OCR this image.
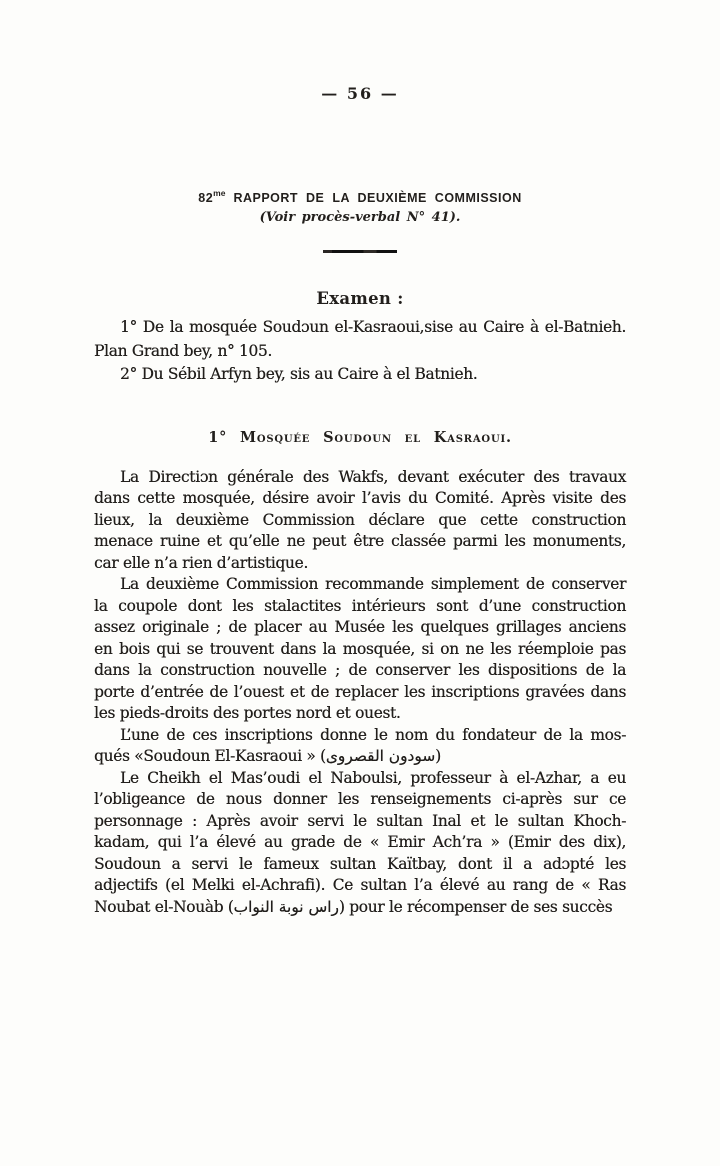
— 56 —
$82^{me}$ RAPPORT DE LA DEUXIÈME COMMISSION
(Voir procès-verbal N° 41).
Examen :
1° De la mosquée Soudɔun el-Kasraoui,sise au Caire à el-Batnieh.
Plan Grand bey, n° 105.
2° Du Sébil Arfyn bey, sis au Caire à el Batnieh.
1° Mosquée Soudoun el Kasraoui.
La Directiɔn générale des Wakfs, devant exécuter des travaux
dans cette mosquée, désire avoir l’avis du Comité. Après visite des
lieux, la deuxième Commission déclare que cette construction
menace ruine et qu’elle ne peut être classée parmi les monuments,
car elle n’a rien d’artistique.
La deuxième Commission recommande simplement de conserver
la coupole dont les stalactites intérieurs sont d’une construction
assez originale ; de placer au Musée les quelques grillages anciens
en bois qui se trouvent dans la mosquée, si on ne les réemploie pas
dans la construction nouvelle ; de conserver les dispositions de la
porte d’entrée de l’ouest et de replacer les inscriptions gravées dans
les pieds-droits des portes nord et ouest.
L’une de ces inscriptions donne le nom du fondateur de la mos-
qués «Soudoun El-Kasraoui » (سودون القصروى)
Le Cheikh el Mas’oudi el Naboulsi, professeur à el-Azhar, a eu
l’obligeance de nous donner les renseignements ci-après sur ce
personnage : Après avoir servi le sultan Inal et le sultan Khoch-
kadam, qui l’a élevé au grade de « Emir Ach’ra » (Emir des dix),
Soudoun a servi le fameux sultan Kaïtbay, dont il a adɔpté les
adjectifs (el Melki el-Achrafi). Ce sultan l’a élevé au rang de « Ras
Noubat el-Nouàb (راس نوبة النواب) pour le récompenser de ses succès
